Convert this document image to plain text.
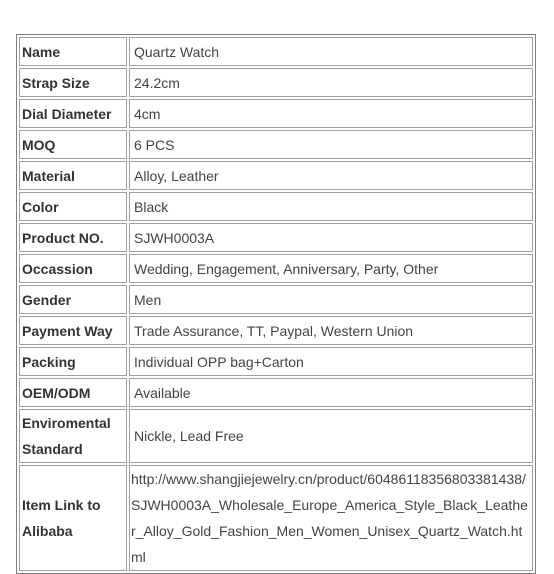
Name	Quartz Watch
Strap Size	24.2cm
Dial Diameter	4cm
MOQ	6 PCS
Material	Alloy, Leather
Color	Black
Product NO.	SJWH0003A
Occassion	Wedding, Engagement, Anniversary, Party, Other
Gender	Men
Payment Way	Trade Assurance, TT, Paypal, Western Union
Packing	Individual OPP bag+Carton
OEM/ODM	Available
Enviromental Standard	Nickle, Lead Free
Item Link to Alibaba	http://www.shangjiejewelry.cn/product/60486118356803381438/SJWH0003A_Wholesale_Europe_America_Style_Black_Leather_Alloy_Gold_Fashion_Men_Women_Unisex_Quartz_Watch.html
